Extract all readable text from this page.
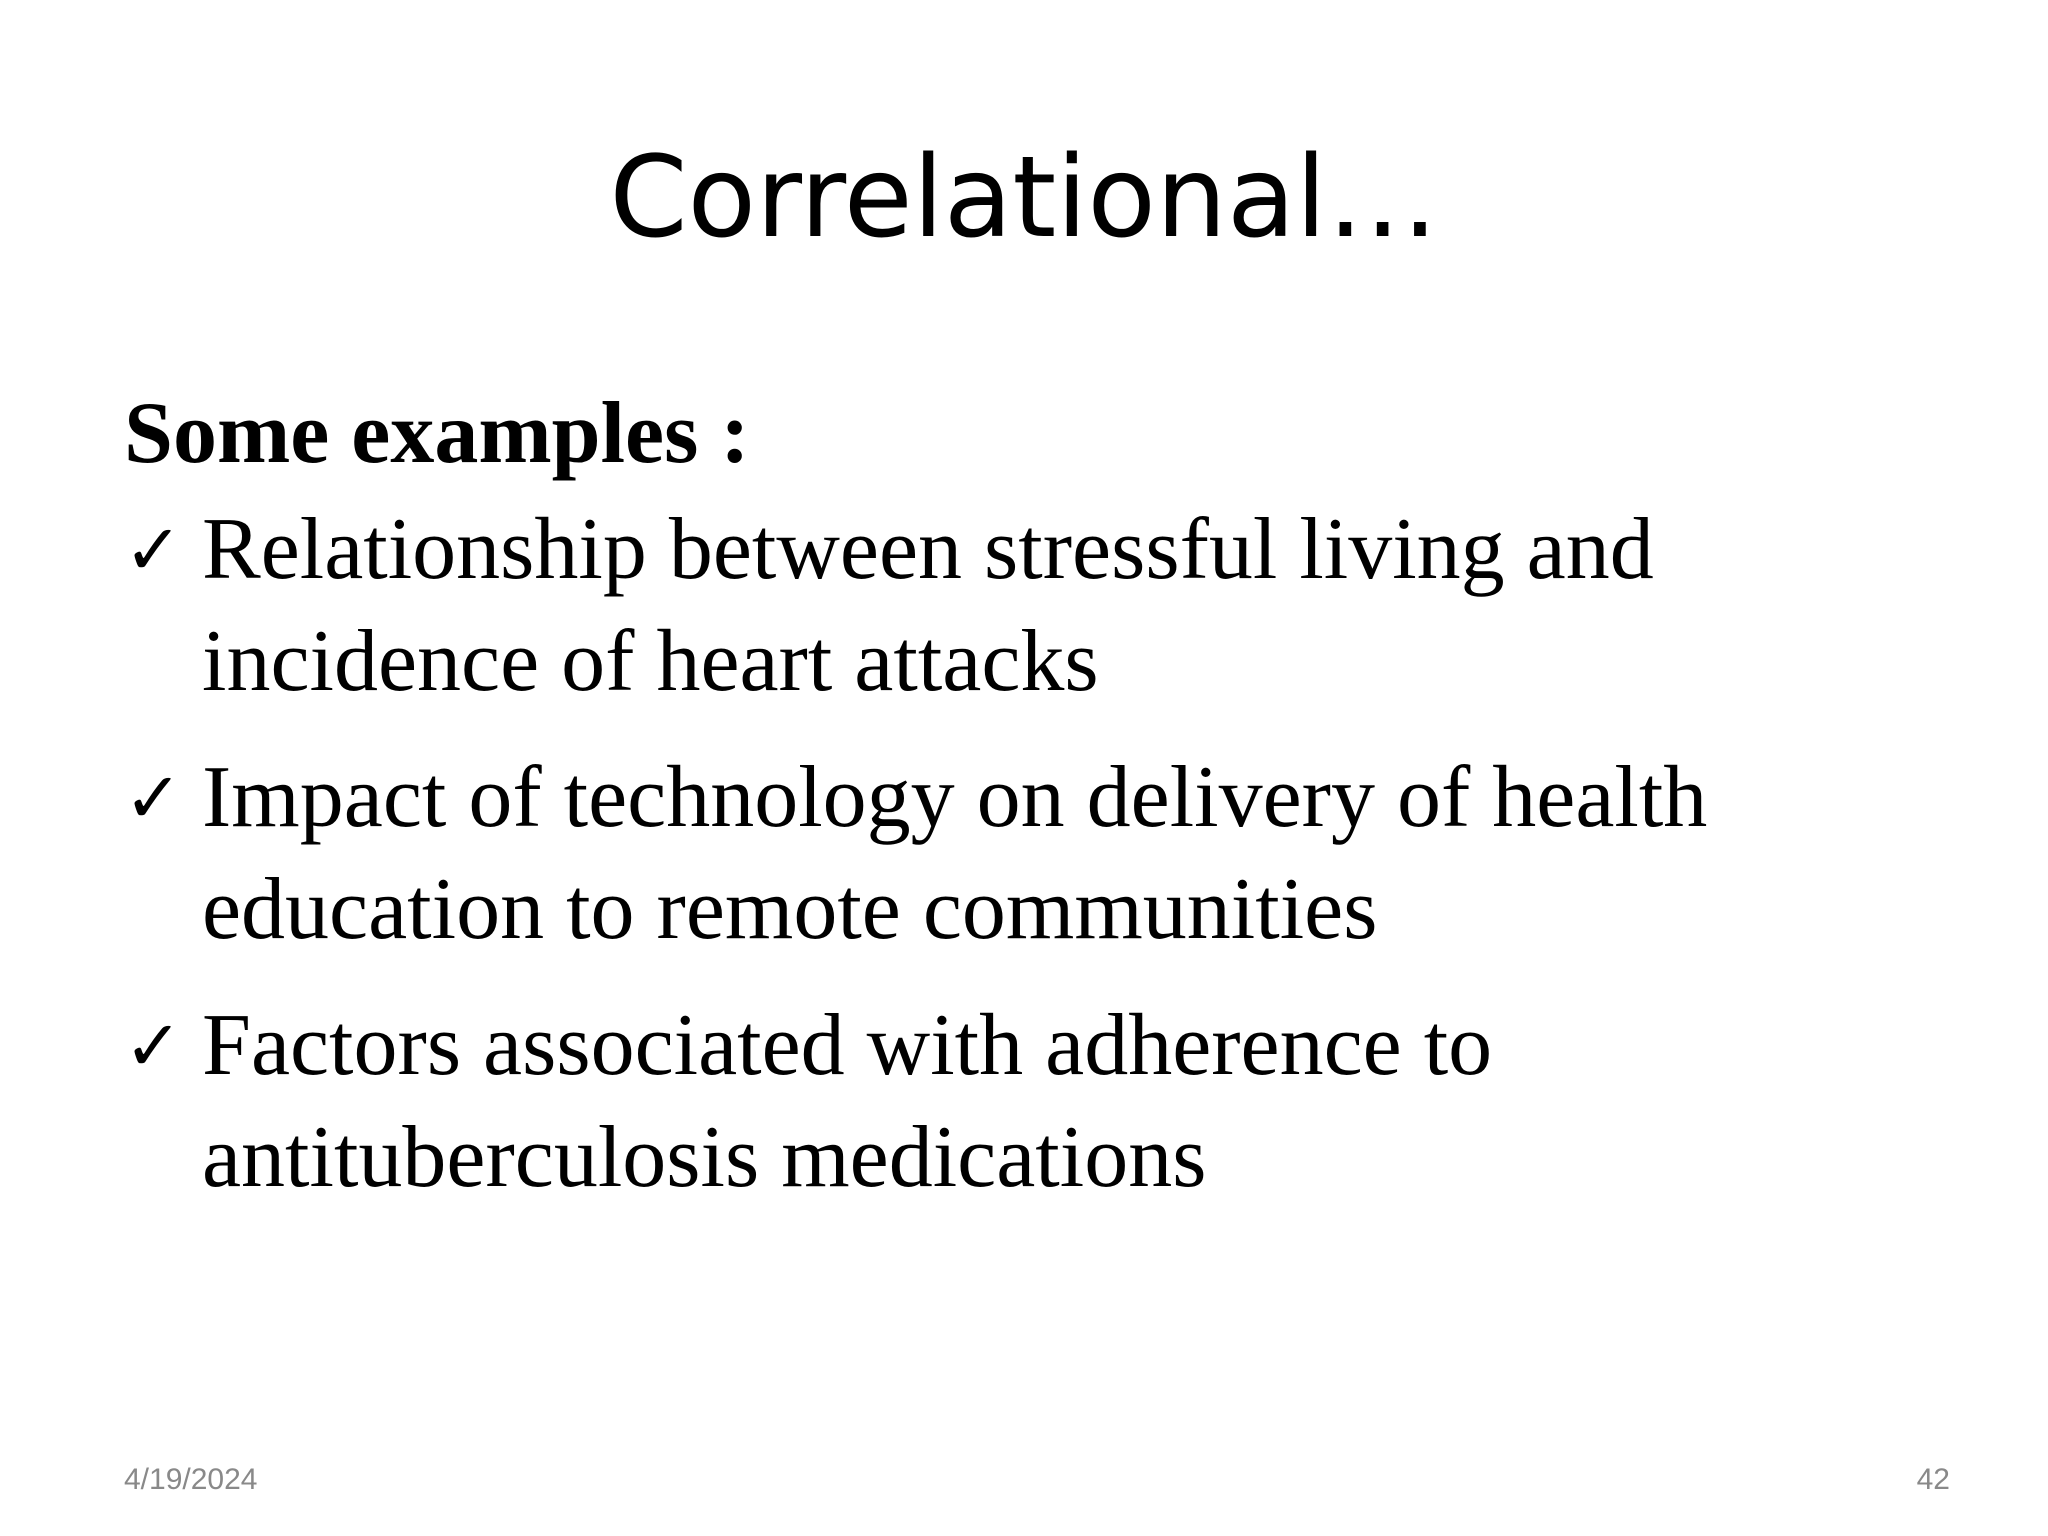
Correlational…
Some examples :
✓ Relationship between stressful living and
incidence of heart attacks
✓ Impact of technology on delivery of health
education to remote communities
✓ Factors associated with adherence to
antituberculosis medications
4/19/2024	42
